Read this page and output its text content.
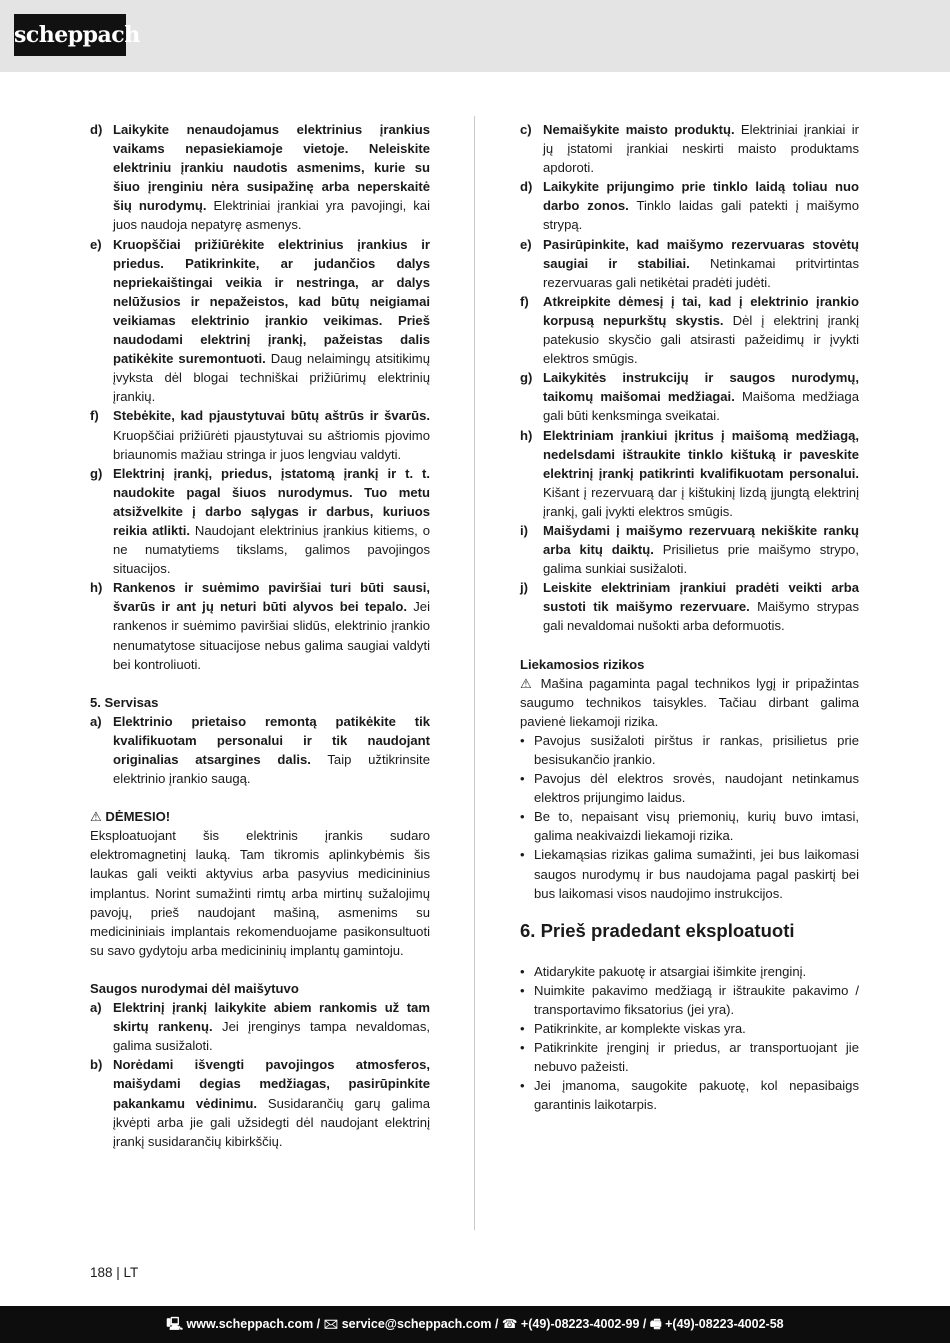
scheppach
d) Laikykite nenaudojamus elektrinius įrankius vaikams nepasiekiamoje vietoje. Neleiskite elektriniu įrankiu naudotis asmenims, kurie su šiuo įrenginiu nėra susipažinę arba neperskaitė šių nurodymų. Elektriniai įrankiai yra pavojingi, kai juos naudoja nepatyrę asmenys.
e) Kruopščiai prižiūrėkite elektrinius įrankius ir priedus. Patikrinkite, ar judančios dalys nepriekaištingai veikia ir nestringa, ar dalys nelūžusios ir nepažeistos, kad būtų neigiamai veikiamas elektrinio įrankio veikimas. Prieš naudodami elektrinį įrankį, pažeistas dalis patikėkite suremontuoti. Daug nelaimingų atsitikimų įvyksta dėl blogai techniškai prižiūrimų elektrinių įrankių.
f) Stebėkite, kad pjaustytuvai būtų aštrūs ir švarūs. Kruopščiai prižiūrėti pjaustytuvai su aštriomis pjovimo briaunomis mažiau stringa ir juos lengviau valdyti.
g) Elektrinį įrankį, priedus, įstatomą įrankį ir t. t. naudokite pagal šiuos nurodymus. Tuo metu atsižvelkite į darbo sąlygas ir darbus, kuriuos reikia atlikti. Naudojant elektrinius įrankius kitiems, o ne numatytiems tikslams, galimos pavojingos situacijos.
h) Rankenos ir suėmimo paviršiai turi būti sausi, švarūs ir ant jų neturi būti alyvos bei tepalo. Jei rankenos ir suėmimo paviršiai slidūs, elektrinio įrankio nenumatytose situacijose nebus galima saugiai valdyti bei kontroliuoti.
5. Servisas
a) Elektrinio prietaiso remontą patikėkite tik kvalifikuotam personalui ir tik naudojant originalias atsargines dalis. Taip užtikrinsite elektrinio įrankio saugą.
⚠ DĖMESIO!
Eksploatuojant šis elektrinis įrankis sudaro elektromagnetinį lauką. Tam tikromis aplinkybėmis šis laukas gali veikti aktyvius arba pasyvius medicininius implantus. Norint sumažinti rimtų arba mirtinų sužalojimų pavojų, prieš naudojant mašiną, asmenims su medicininiais implantais rekomenduojame pasikonsultuoti su savo gydytoju arba medicininių implantų gamintoju.
Saugos nurodymai dėl maišytuvo
a) Elektrinį įrankį laikykite abiem rankomis už tam skirtų rankenų. Jei įrenginys tampa nevaldomas, galima susižaloti.
b) Norėdami išvengti pavojingos atmosferos, maišydami degias medžiagas, pasirūpinkite pakankamu vėdinimu. Susidarančių garų galima įkvėpti arba jie gali užsidegti dėl naudojant elektrinį įrankį susidarančių kibirkščių.
c) Nemaišykite maisto produktų. Elektriniai įrankiai ir jų įstatomi įrankiai neskirti maisto produktams apdoroti.
d) Laikykite prijungimo prie tinklo laidą toliau nuo darbo zonos. Tinklo laidas gali patekti į maišymo strypą.
e) Pasirūpinkite, kad maišymo rezervuaras stovėtų saugiai ir stabiliai. Netinkamai pritvirtintas rezervuaras gali netikėtai pradėti judėti.
f) Atkreipkite dėmesį į tai, kad į elektrinio įrankio korpusą nepurkštų skystis. Dėl į elektrinį įrankį patekusio skysčio gali atsirasti pažeidimų ir įvykti elektros smūgis.
g) Laikykitės instrukcijų ir saugos nurodymų, taikomų maišomai medžiagai. Maišoma medžiaga gali būti kenksminga sveikatai.
h) Elektriniam įrankiui įkritus į maišomą medžiagą, nedelsdami ištraukite tinklo kištuką ir paveskite elektrinį įrankį patikrinti kvalifikuotam personalui. Kišant į rezervuarą dar į kištukinį lizdą įjungtą elektrinį įrankį, gali įvykti elektros smūgis.
i) Maišydami į maišymo rezervuarą nekiškite rankų arba kitų daiktų. Prisilietus prie maišymo strypo, galima sunkiai susižaloti.
j) Leiskite elektriniam įrankiui pradėti veikti arba sustoti tik maišymo rezervuare. Maišymo strypas gali nevaldomai nušokti arba deformuotis.
Liekamosios rizikos
⚠ Mašina pagaminta pagal technikos lygį ir pripažintas saugumo technikos taisykles. Tačiau dirbant galima pavienė liekamoji rizika.
• Pavojus susižaloti pirštus ir rankas, prisilietus prie besisukančio įrankio.
• Pavojus dėl elektros srovės, naudojant netinkamus elektros prijungimo laidus.
• Be to, nepaisant visų priemonių, kurių buvo imtasi, galima neakivaizdi liekamoji rizika.
• Liekamąsias rizikas galima sumažinti, jei bus laikomasi saugos nurodymų ir bus naudojama pagal paskirtį bei bus laikomasi visos naudojimo instrukcijos.
6. Prieš pradedant eksploatuoti
• Atidarykite pakuotę ir atsargiai išimkite įrenginį.
• Nuimkite pakavimo medžiagą ir ištraukite pakavimo / transportavimo fiksatorius (jei yra).
• Patikrinkite, ar komplekte viskas yra.
• Patikrinkite įrenginį ir priedus, ar transportuojant jie nebuvo pažeisti.
• Jei įmanoma, saugokite pakuotę, kol nepasibaigs garantinis laikotarpis.
188 | LT
🖳 www.scheppach.com / 🖂 service@scheppach.com / ☎ +(49)-08223-4002-99 / 🖷 +(49)-08223-4002-58
